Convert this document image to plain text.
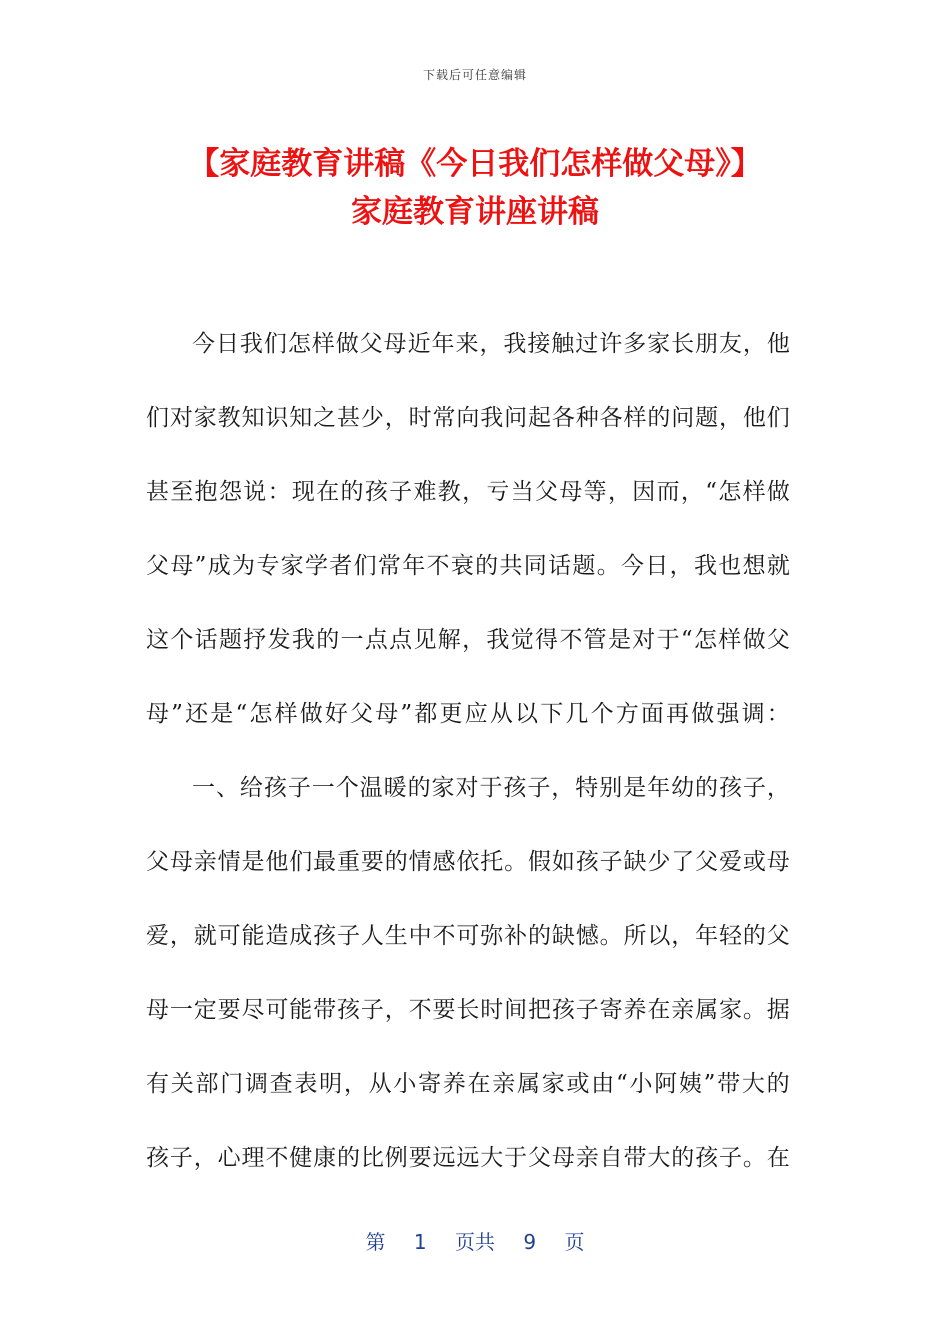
下载后可任意编辑
【家庭教育讲稿《今日我们怎样做父母》】
家庭教育讲座讲稿
今 日 我 们 怎 样 做 父 母 近 年 来 ， 我 接 触 过 许 多 家 长 朋 友 ， 他
们 对 家 教 知 识 知 之 甚 少 ， 时 常 向 我 问 起 各 种 各 样 的 问 题 ， 他 们
甚 至 抱 怨 说 ： 现 在 的 孩 子 难 教 ， 亏 当 父 母 等 ， 因 而 ， “ 怎 样 做
父 母 ” 成 为 专 家 学 者 们 常 年 不 衰 的 共 同 话 题 。 今 日 ， 我 也 想 就
这 个 话 题 抒 发 我 的 一 点 点 见 解 ， 我 觉 得 不 管 是 对 于 “ 怎 样 做 父
母 ” 还 是 “ 怎 样 做 好 父 母 ” 都 更 应 从 以 下 几 个 方 面 再 做 强 调 ：
一 、 给 孩 子 一 个 温 暖 的 家 对 于 孩 子 ， 特 别 是 年 幼 的 孩 子 ，
父 母 亲 情 是 他 们 最 重 要 的 情 感 依 托 。 假 如 孩 子 缺 少 了 父 爱 或 母
爱 ， 就 可 能 造 成 孩 子 人 生 中 不 可 弥 补 的 缺 憾 。 所 以 ， 年 轻 的 父
母 一 定 要 尽 可 能 带 孩 子 ， 不 要 长 时 间 把 孩 子 寄 养 在 亲 属 家 。 据
有 关 部 门 调 查 表 明 ， 从 小 寄 养 在 亲 属 家 或 由 “ 小 阿 姨 ” 带 大 的
孩 子 ， 心 理 不 健 康 的 比 例 要 远 远 大 于 父 母 亲 自 带 大 的 孩 子 。 在
第 1 页共 9 页
